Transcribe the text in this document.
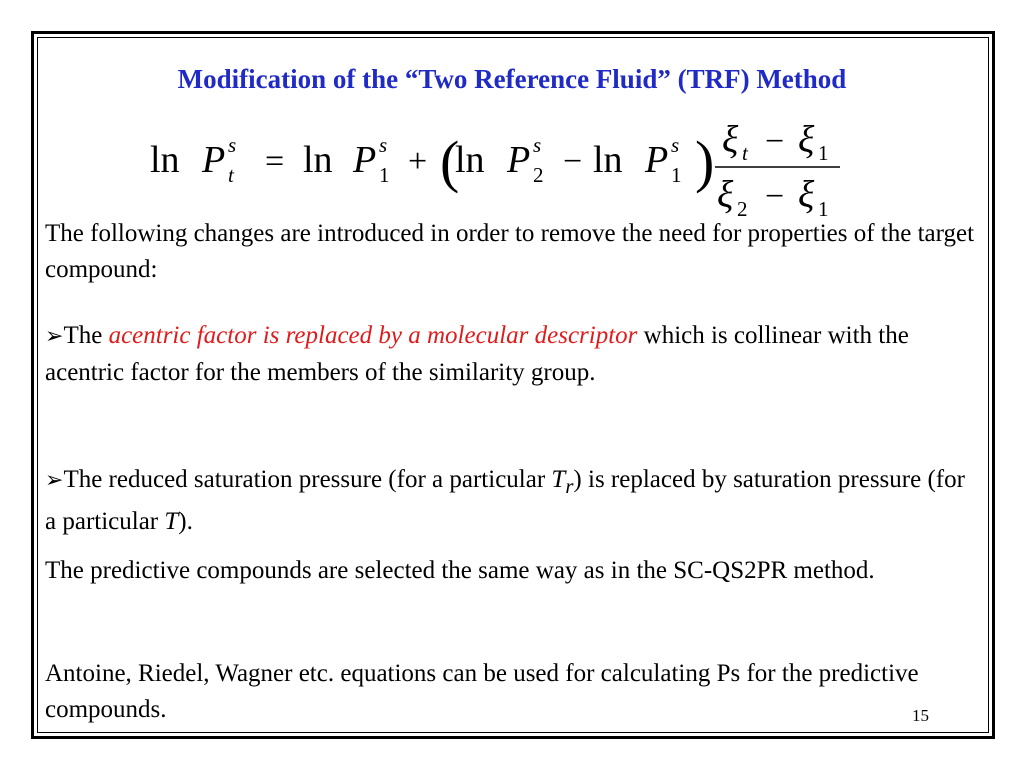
Modification of the “Two Reference Fluid” (TRF) Method
ln P s
t = ln P s
1 + (
ln P s
2 − ln P s
1 ) ξ t − ξ 1
ξ 2 − ξ 1
The following changes are introduced in order to remove the need for properties of the target compound:
➢The acentric factor is replaced by a molecular descriptor which is collinear with the acentric factor for the members of the similarity group.
➢The reduced saturation pressure (for a particular $T_r$) is replaced by saturation pressure (for a particular T).
The predictive compounds are selected the same way as in the SC-QS2PR method.
Antoine, Riedel, Wagner etc. equations can be used for calculating Ps for the predictive compounds.	15
